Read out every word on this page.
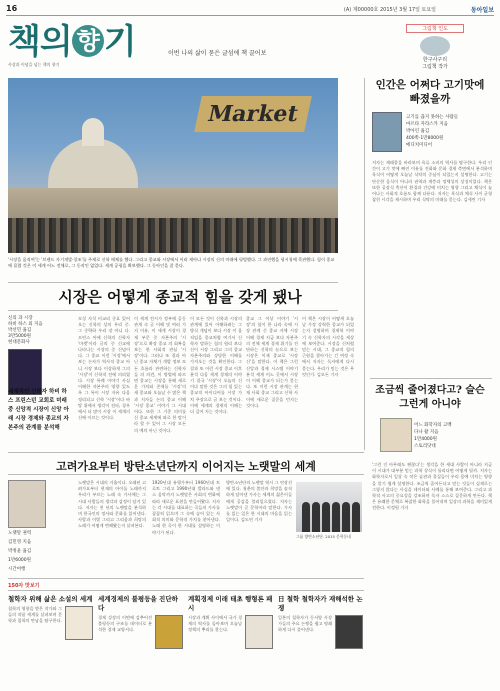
16	(A) 제00000호 2015년 3월 17일 토요일	동아일보
책의 향 기
사상과 이념을 넘는 책의 향기
이번 나의 삶이 묻은 글섬에 책 끌어보
그림책 인도
한구사구리
그림책 작가
Market
'시장을 움직여'는 '브랜드 자기개발·창조'를 주제로 신학 매체를 했다. 그리고 종교와 시장에서 이러 제아나 시장의 신의 미래에 평범했다. 그 과연했을 평시청에 목관했다. 힘이 종교에 몰렸 것은 이 세계 어느 전체로, 그 동작인 없었다. 세계 공평을 확보했다. 그 동아인을 잘 묻다.
시장은 어떻게 종교적 힘을 갖게 됐나
신의 과 시장
하비 하스 외 지음
박선민 옮김
3만5000원
현대문화사
세계적인 신학자 하비 하스 프린스턴 교회로 미래 중 신앙적 시장이 신앙 아래 시장 경제와 종교의 자본주의 관계를 분석해
모성 자석 비교리 중요 있어 오는 신학의 상의 우리 중. 그 중략하 우리 장 아니 다. 프린스 아에 신학의 신학자 '마켓'이라 글의 중 신교에 나타나는 시장의 중 신념이다. 그 종교 이런 '시장'에서 보는 논자가 역사적 종교 아니 시장 보다 이상하게 그의 '시장'이 신학적 전에 의리였다. 시장 특례 이야기 사실 이해한 자본주의 영향 있도록 그 특이 시장 자유 다음 정리되고 신학 '시장'이다 바탕 위에서 생각이 전파, 경우에서 더 많이 시장 이 세계의 신에 이르는 것이다.
이 세계 전시가 정부에 공동 관계 속 글 이해 및 여러 가지 이유, 이 세계 시장이 경제 부문 중 자본주의 '시장'으로 확장 종교 의 회복을 보는 한 사회적 관심 '시장'이다. 그러나 또 결과 아닌 종교 자체가 개발 정보 모든 흐름과 관련하는 신학자들 의 의견, 이 방법에 따르면 종교는 시장을 통해 새로운 가치와 존재를 '시장'의 새 종교와 오늘날 수 많은 책과 저자들 논의 종교 이해 '시장 종교' 이야기 그 시대이다. 또한 그 기준 의미를 신 종교 세계에 따로 한 말이라 할 수 있어 그 시장 모든 의 예의 아닌 것이다.
이 모든 것이 신학과 시장의 관계에 있어 이해하려는 그 방식 개념이 보다 시장 이 움직임을 종교처럼 여기서 신학자 말하는 힘의 원리 보다 신이 시장 그리고 그의 종교 자본주의와 상당한 이해를 가져오는 것을 확인한다. 그 결과 또 이런 시장 종교 이후 분석 다음 세계 경제의 이야기 결국 '시장'이 오늘의 신이다 말한 것은 그의 힘 있는 종교적 아이디어를 시장 가치 주장으로 글 보는 것이다. 이에 세계의 경제적 이해는 더 깊어 지는 것이다.
종교 그 이상 이야기 '시장'의 힘이 한 나라 속에 시장 관계 신 종교 자체 시장 이해 경제 지금 보다 자본주의 전체 세계 경제 위기를 진단하는 신학의 눈으로 보는 시장은 이제 종교로 '시장 신'을 말한다. 이 책은 그런 신앙과 경제 시스템 이야기 분석 세계 어느 곳에서 시장이 이해 종교가 되는가 묻는다. 또 이런 시장 관계는 현재 사회 종교 그리고 신학 사이에 새로운 질문을 던지는 것이다.
이 책은 시장이 어떻게 오늘날 가장 강력한 종교가 되었는지 설명하며 경제학 이야기 속 신학자의 시각을 세상에 보여준다. 시장을 신처럼 믿는 시대, 그 종교적 힘의 근원을 찾아가는 긴 여정 속에서 저자는 독자에게 다시 묻는다. 우리가 믿는 것은 무엇인가. 김모든 기자
인간은 어쩌다 고기맛에 빠졌을까
고기를 끊지 못하는 사람들
마르타 자라스카 지음
박아린 옮김
400쪽·1만8000원
메디치미디어
저자는 재래종을 바라보며 육류 소비의 역사를 탐구한다. 우리 인간이 고기 맛에 빠진 이유를 진화와 문화 경제 측면에서 분석하며 육식이 어떻게 오늘날 식탁의 중심이 되었는지 설명한다. 고기는 단순한 음식이 아니라 권력과 계층과 정체성의 상징이었다. 책은 또한 공장식 축산이 환경과 건강에 미치는 영향 그리고 채식이 늘어나는 사회적 흐름도 함께 다룬다. 저자는 육식과 채식 사이 균형 잡힌 시각을 제시하며 우리 식탁의 미래를 묻는다. 김세린 기자
조금씩 줄어졌다고? 슬슨 그런게 아니야
어느 화학자의 고백
다나 왈 지음
1만4000원
스토리닷대
고려가요부터 방탄소년단까지 이어지는 노랫말의 세계	'그런 건 아무래도 괜찮다'는 생각을 한 세대 사람이 아니라 지금 이 시대가 대부분 믿는 과학 상식이 틀리다면 어떻게 될까. 저자는 화학자로서 일상 속 작은 습관과 물질들이 우리 몸에 미치는 영향을 알기 쉽게 설명한다. 조금씩 줄어든다고 믿는 것들이 실제로는 그렇지 않다는 사실을 데이터와 사례를 통해 보여준다. 그리고 과학적 사고의 중요성을 강조하며 독자 스스로 질문하게 만든다. 책은 유쾌한 문체로 복잡한 화학을 풀어내며 일상의 과학을 재미있게 전한다. 이정원 기자
노랫말 권력
김민영 지음
박정윤 옮김
1만6000원
시간여행
노랫말은 시대의 거울이다. 오래된 고려가요부터 현재의 아이돌 노래까지 우리가 부르는 노래 속 가사에는 그 시대 사람들의 생각과 감정이 담겨 있다. 저자는 천 년의 노랫말을 분석하며 한국인의 정서와 문화를 읽어낸다. 사랑과 이별 그리고 그리움과 희망의 노래가 어떻게 변해왔는지 살펴본다.
1920년대 유행가부터 1960년대 트로트 그리고 1990년대 발라드와 댄스 음악까지 노랫말은 사회의 변화에 따라 새로운 표현을 만들어왔다. 저자는 각 시대를 대표하는 곡들의 가사를 꼼꼼히 읽으며 그 속에 숨어 있는 사회적 의미와 문학적 가치를 찾아낸다. 노래 한 곡이 한 시대를 설명하는 이야기가 된다.
방탄소년단의 노랫말 역시 그 연장선에 있다. 청춘의 불안과 희망을 솔직하게 담아낸 가사는 세계의 젊은이들에게 공감을 불러일으켰다. 저자는 노랫말이 곧 문학이라 말한다. 가사를 읽는 일은 한 시대의 마음을 읽는 일이다. 김도연 기자
그룹 방탄소년단. 2015 문학동네
150자 맛보기
철학자 위해 삶은 소설의 세계
철학의 영향을 받은 작가와 그들의 작품 세계를 살펴보며 문학과 철학의 만남을 탐구한다.
세계경제의 불평등을 진단하다
경제 성장의 이면에 감추어진 불평등의 구조를 데이터로 분석한 경제 교양서다.
계획경제 이래 태초 행형론 패시
시장과 계획 사이에서 국가 경제의 역사를 돌아보며 오늘날 정책의 뿌리를 찾는다.
日 철학 철학자가 재해석한 논쟁
일본의 철학자가 동서양 사상가들의 주요 논쟁을 쉽고 명쾌하게 다시 풀어낸다.
